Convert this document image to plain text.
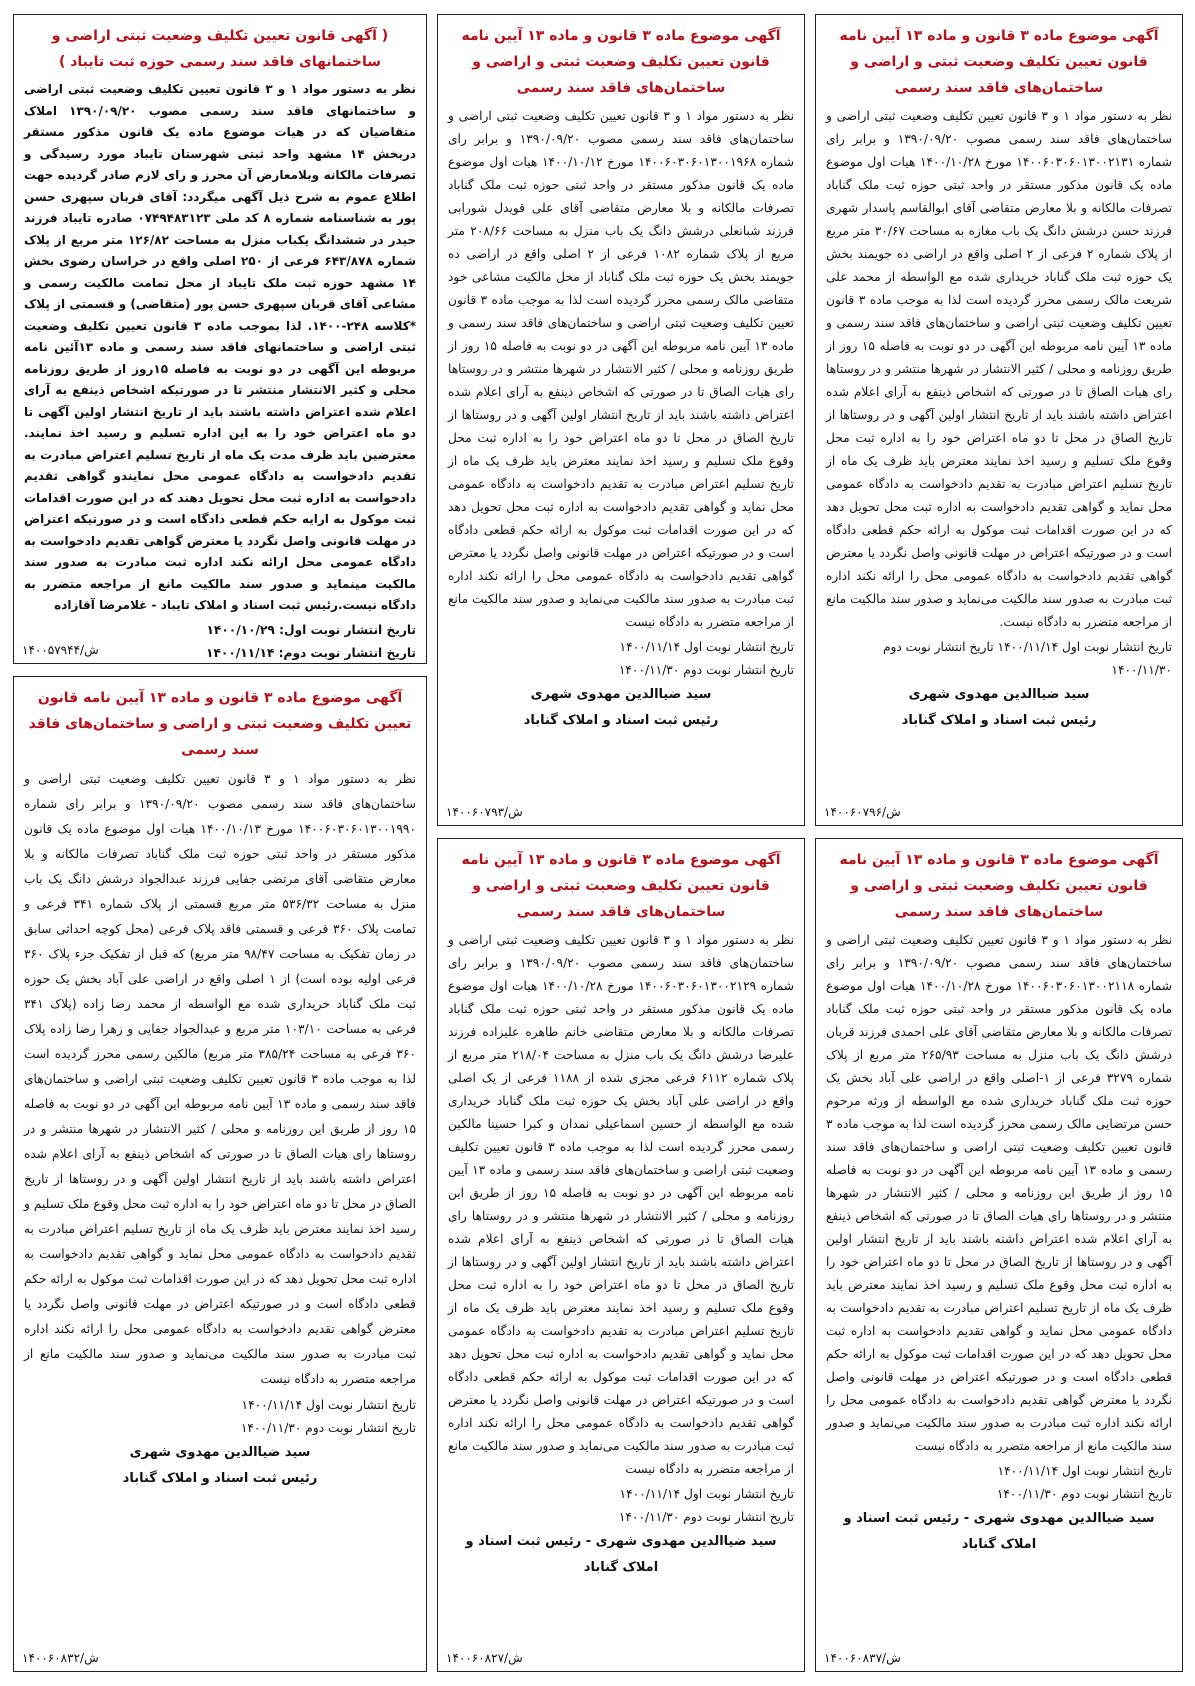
آگهی موضوع ماده ۳ قانون و ماده ۱۳ آیین نامه قانون تعیین تکلیف وضعیت ثبتی و اراضی و ساختمان‌های فاقد سند رسمی
نظر به دستور مواد ۱ و ۳ قانون تعیین تکلیف وضعیت ثبتی اراضی و ساختمان‌های فاقد سند رسمی مصوب ۱۳۹۰/۰۹/۲۰ و برابر رای شماره ۱۴۰۰۶۰۳۰۶۰۱۳۰۰۲۱۳۱ مورخ ۱۴۰۰/۱۰/۲۸ هیات اول موضوع ماده یک قانون مذکور مستقر در واحد ثبتی حوزه ثبت ملک گناباد تصرفات مالکانه و بلا معارض متقاضی آقای ابوالقاسم پاسدار شهری فرزند حسن درشش دانگ یک باب مغازه به مساحت ۳۰/۶۷ متر مربع از پلاک شماره ۲ فرعی از ۲ اصلی واقع در اراضی ده جویمند بخش یک حوزه ثبت ملک گناباد خریداری شده مع الواسطه از محمد علی شریعت مالک رسمی محرز گردیده است لذا به موجب ماده ۳ قانون تعیین تکلیف وضعیت ثبتی اراضی و ساختمان‌های فاقد سند رسمی و ماده ۱۳ آیین نامه مربوطه این آگهی در دو نوبت به فاصله ۱۵ روز از طریق روزنامه و محلی / کثیر الانتشار در شهرها منتشر و در روستاها رای هیات الصاق تا در صورتی که اشخاص ذینفع به آرای اعلام شده اعتراض داشته باشند باید از تاریخ انتشار اولین آگهی و در روستاها از تاریخ الصاق در محل تا دو ماه اعتراض خود را به اداره ثبت محل وقوع ملک تسلیم و رسید اخذ نمایند معترض باید ظرف یک ماه از تاریخ تسلیم اعتراض مبادرت به تقدیم دادخواست به دادگاه عمومی محل نماید و گواهی تقدیم دادخواست به اداره ثبت محل تحویل دهد که در این صورت اقدامات ثبت موکول به ارائه حکم قطعی دادگاه است و در صورتیکه اعتراض در مهلت قانونی واصل نگردد یا معترض گواهی تقدیم دادخواست به دادگاه عمومی محل را ارائه نکند اداره ثبت مبادرت به صدور سند مالکیت می‌نماید و صدور سند مالکیت مانع از مراجعه متضرر به دادگاه نیست.
تاریخ انتشار نوبت اول ۱۴۰۰/۱۱/۱۴ تاریخ انتشار نوبت دوم ۱۴۰۰/۱۱/۳۰
سید ضیاالدین مهدوی شهری
رئیس ثبت اسناد و املاک گناباد
۱۴۰۰۶۰۷۹۶/ش
آگهی موضوع ماده ۳ قانون و ماده ۱۳ آیین نامه قانون تعیین تکلیف وضعیت ثبتی و اراضی و ساختمان‌های فاقد سند رسمی
نظر به دستور مواد ۱ و ۳ قانون تعیین تکلیف وضعیت ثبتی اراضی و ساختمان‌های فاقد سند رسمی مصوب ۱۳۹۰/۰۹/۲۰ و برابر رای شماره ۱۴۰۰۶۰۳۰۶۰۱۳۰۰۱۹۶۸ مورخ ۱۴۰۰/۱۰/۱۲ هیات اول موضوع ماده یک قانون مذکور مستقر در واحد ثبتی حوزه ثبت ملک گناباد تصرفات مالکانه و بلا معارض متقاضی آقای علی قویدل شورابی فرزند شبانعلی درشش دانگ یک باب منزل به مساحت ۲۰۸/۶۶ متر مربع از پلاک شماره ۱۰۸۲ فرعی از ۲ اصلی واقع در اراضی ده جویمند بخش یک حوزه ثبت ملک گناباد از محل مالکیت مشاعی خود متقاضی مالک رسمی محرز گردیده است لذا به موجب ماده ۳ قانون تعیین تکلیف وضعیت ثبتی اراضی و ساختمان‌های فاقد سند رسمی و ماده ۱۳ آیین نامه مربوطه این آگهی در دو نوبت به فاصله ۱۵ روز از طریق روزنامه و محلی / کثیر الانتشار در شهرها منتشر و در روستاها رای هیات الصاق تا در صورتی که اشخاص ذینفع به آرای اعلام شده اعتراض داشته باشند باید از تاریخ انتشار اولین آگهی و در روستاها از تاریخ الصاق در محل تا دو ماه اعتراض خود را به اداره ثبت محل وقوع ملک تسلیم و رسید اخذ نمایند معترض باید ظرف یک ماه از تاریخ تسلیم اعتراض مبادرت به تقدیم دادخواست به دادگاه عمومی محل نماید و گواهی تقدیم دادخواست به اداره ثبت محل تحویل دهد که در این صورت اقدامات ثبت موکول به ارائه حکم قطعی دادگاه است و در صورتیکه اعتراض در مهلت قانونی واصل نگردد یا معترض گواهی تقدیم دادخواست به دادگاه عمومی محل را ارائه نکند اداره ثبت مبادرت به صدور سند مالکیت می‌نماید و صدور سند مالکیت مانع از مراجعه متضرر به دادگاه نیست
تاریخ انتشار نوبت اول ۱۴۰۰/۱۱/۱۴
تاریخ انتشار نوبت دوم ۱۴۰۰/۱۱/۳۰
سید ضیاالدین مهدوی شهری
رئیس ثبت اسناد و املاک گناباد
۱۴۰۰۶۰۷۹۳/ش
( آگهی قانون تعیین تکلیف وضعیت ثبتی اراضی و ساختمانهای فاقد سند رسمی حوزه ثبت تایباد )
نظر به دستور مواد ۱ و ۳ قانون تعیین تکلیف وضعیت ثبتی اراضی و ساختمانهای فاقد سند رسمی مصوب ۱۳۹۰/۰۹/۲۰ املاک متقاضیان که در هیات موضوع ماده یک قانون مذکور مستقر دربخش ۱۴ مشهد واحد ثبتی شهرستان تایباد مورد رسیدگی و تصرفات مالکانه وبلامعارض آن محرز و رای لازم صادر گردیده جهت اطلاع عموم به شرح ذیل آگهی میگردد: آقای قربان سپهری حسن پور به شناسنامه شماره ۸ کد ملی ۰۷۴۹۴۸۳۱۲۳ صادره تایباد فرزند حیدر در ششدانگ یکباب منزل به مساحت ۱۲۶/۸۲ متر مربع از پلاک شماره ۶۴۳/۸۷۸ فرعی از ۲۵۰ اصلی واقع در خراسان رضوی بخش ۱۴ مشهد حوزه ثبت ملک تایباد از محل تمامت مالکیت رسمی و مشاعی آقای قربان سپهری حسن پور (متقاضی) و قسمتی از پلاک *کلاسه ۲۴۸-۱۴۰۰. لذا بموجب ماده ۳ قانون تعیین تکلیف وضعیت ثبتی اراضی و ساختمانهای فاقد سند رسمی و ماده ۱۳آئین نامه مربوطه این آگهی در دو نوبت به فاصله ۱۵روز از طریق روزنامه محلی و کثیر الانتشار منتشر تا در صورتیکه اشخاص ذینفع به آرای اعلام شده اعتراض داشته باشند باید از تاریخ انتشار اولین آگهی تا دو ماه اعتراض خود را به این اداره تسلیم و رسید اخذ نمایند. معترضین باید ظرف مدت یک ماه از تاریخ تسلیم اعتراض مبادرت به تقدیم دادخواست به دادگاه عمومی محل نمایندو گواهی تقدیم دادخواست به اداره ثبت محل تحویل دهند که در این صورت اقدامات ثبت موکول به ارایه حکم قطعی دادگاه است و در صورتیکه اعتراض در مهلت قانونی واصل نگردد یا معترض گواهی تقدیم دادخواست به دادگاه عمومی محل ارائه نکند اداره ثبت مبادرت به صدور سند مالکیت مینماید و صدور سند مالکیت مانع از مراجعه متضرر به دادگاه نیست.رئیس ثبت اسناد و املاک تایباد - غلامرضا آقازاده
تاریخ انتشار نوبت اول: ۱۴۰۰/۱۰/۲۹
تاریخ انتشار نوبت دوم: ۱۴۰۰/۱۱/۱۴
۱۴۰۰۵۷۹۴۴/ش
آگهی موضوع ماده ۳ قانون و ماده ۱۳ آیین نامه قانون تعیین تکلیف وضعیت ثبتی و اراضی و ساختمان‌های فاقد سند رسمی
نظر به دستور مواد ۱ و ۳ قانون تعیین تکلیف وضعیت ثبتی اراضی و ساختمان‌های فاقد سند رسمی مصوب ۱۳۹۰/۰۹/۲۰ و برابر رای شماره ۱۴۰۰۶۰۳۰۶۰۱۳۰۰۱۹۹۰ مورخ ۱۴۰۰/۱۰/۱۳ هیات اول موضوع ماده یک قانون مذکور مستقر در واحد ثبتی حوزه ثبت ملک گناباد تصرفات مالکانه و بلا معارض متقاضی آقای مرتضی جفایی فرزند عبدالجواد درشش دانگ یک باب منزل به مساحت ۵۳۶/۳۲ متر مربع قسمتی از پلاک شماره ۳۴۱ فرعی و تمامت پلاک ۳۶۰ فرعی و قسمتی فاقد پلاک فرعی (محل کوچه احداثی سابق در زمان تفکیک به مساحت ۹۸/۴۷ متر مربع) که قبل از تفکیک جزء پلاک ۳۶۰ فرعی اولیه بوده است) از ۱ اصلی واقع در اراضی علی آباد بخش یک حوزه ثبت ملک گناباد خریداری شده مع الواسطه از محمد رضا زاده (پلاک ۳۴۱ فرعی به مساحت ۱۰۳/۱۰ متر مربع و عبدالجواد جفایی و زهرا رضا زاده پلاک ۳۶۰ فرعی به مساحت ۳۸۵/۲۴ متر مربع) مالکین رسمی محرز گردیده است لذا به موجب ماده ۳ قانون تعیین تکلیف وضعیت ثبتی اراضی و ساختمان‌های فاقد سند رسمی و ماده ۱۳ آیین نامه مربوطه این آگهی در دو نوبت به فاصله ۱۵ روز از طریق این روزنامه و محلی / کثیر الانتشار در شهرها منتشر و در روستاها رای هیات الصاق تا در صورتی که اشخاص ذینفع به آرای اعلام شده اعتراض داشته باشند باید از تاریخ انتشار اولین آگهی و در روستاها از تاریخ الصاق در محل تا دو ماه اعتراض خود را به اداره ثبت محل وقوع ملک تسلیم و رسید اخذ نمایند معترض باید ظرف یک ماه از تاریخ تسلیم اعتراض مبادرت به تقدیم دادخواست به دادگاه عمومی محل نماید و گواهی تقدیم دادخواست به اداره ثبت محل تحویل دهد که در این صورت اقدامات ثبت موکول به ارائه حکم قطعی دادگاه است و در صورتیکه اعتراض در مهلت قانونی واصل نگردد یا معترض گواهی تقدیم دادخواست به دادگاه عمومی محل را ارائه نکند اداره ثبت مبادرت به صدور سند مالکیت می‌نماید و صدور سند مالکیت مانع از مراجعه متضرر به دادگاه نیست
تاریخ انتشار نوبت اول ۱۴۰۰/۱۱/۱۴
تاریخ انتشار نوبت دوم ۱۴۰۰/۱۱/۳۰
سید ضیاالدین مهدوی شهری
رئیس ثبت اسناد و املاک گناباد
۱۴۰۰۶۰۸۳۲/ش
آگهی موضوع ماده ۳ قانون و ماده ۱۳ آیین نامه قانون تعیین تکلیف وضعیت ثبتی و اراضی و ساختمان‌های فاقد سند رسمی
نظر به دستور مواد ۱ و ۳ قانون تعیین تکلیف وضعیت ثبتی اراضی و ساختمان‌های فاقد سند رسمی مصوب ۱۳۹۰/۰۹/۲۰ و برابر رای شماره ۱۴۰۰۶۰۳۰۶۰۱۳۰۰۲۱۲۹ مورخ ۱۴۰۰/۱۰/۲۸ هیات اول موضوع ماده یک قانون مذکور مستقر در واحد ثبتی حوزه ثبت ملک گناباد تصرفات مالکانه و بلا معارض متقاضی خانم طاهره علیزاده فرزند علیرضا درشش دانگ یک باب منزل به مساحت ۲۱۸/۰۴ متر مربع از پلاک شماره ۶۱۱۲ فرعی مجزی شده از ۱۱۸۸ فرعی از یک اصلی واقع در اراضی علی آباد بخش یک حوزه ثبت ملک گناباد خریداری شده مع الواسطه از حسین اسماعیلی نمدان و کبرا حسینا مالکین رسمی محرز گردیده است لذا به موجب ماده ۳ قانون تعیین تکلیف وضعیت ثبتی اراضی و ساختمان‌های فاقد سند رسمی و ماده ۱۳ آیین نامه مربوطه این آگهی در دو نوبت به فاصله ۱۵ روز از طریق این روزنامه و محلی / کثیر الانتشار در شهرها منتشر و در روستاها رای هیات الصاق تا در صورتی که اشخاص ذینفع به آرای اعلام شده اعتراض داشته باشند باید از تاریخ انتشار اولین آگهی و در روستاها از تاریخ الصاق در محل تا دو ماه اعتراض خود را به اداره ثبت محل وقوع ملک تسلیم و رسید اخذ نمایند معترض باید ظرف یک ماه از تاریخ تسلیم اعتراض مبادرت به تقدیم دادخواست به دادگاه عمومی محل نماید و گواهی تقدیم دادخواست به اداره ثبت محل تحویل دهد که در این صورت اقدامات ثبت موکول به ارائه حکم قطعی دادگاه است و در صورتیکه اعتراض در مهلت قانونی واصل نگردد یا معترض گواهی تقدیم دادخواست به دادگاه عمومی محل را ارائه نکند اداره ثبت مبادرت به صدور سند مالکیت می‌نماید و صدور سند مالکیت مانع از مراجعه متضرر به دادگاه نیست
تاریخ انتشار نوبت اول ۱۴۰۰/۱۱/۱۴
تاریخ انتشار نوبت دوم ۱۴۰۰/۱۱/۳۰
سید ضیاالدین مهدوی شهری - رئیس ثبت اسناد و املاک گناباد
۱۴۰۰۶۰۸۲۷/ش
آگهی موضوع ماده ۳ قانون و ماده ۱۳ آیین نامه قانون تعیین تکلیف وضعیت ثبتی و اراضی و ساختمان‌های فاقد سند رسمی
نظر به دستور مواد ۱ و ۳ قانون تعیین تکلیف وضعیت ثبتی اراضی و ساختمان‌های فاقد سند رسمی مصوب ۱۳۹۰/۰۹/۲۰ و برابر رای شماره ۱۴۰۰۶۰۳۰۶۰۱۳۰۰۲۱۱۸ مورخ ۱۴۰۰/۱۰/۲۸ هیات اول موضوع ماده یک قانون مذکور مستقر در واحد ثبتی حوزه ثبت ملک گناباد تصرفات مالکانه و بلا معارض متقاضی آقای علی احمدی فرزند قربان درشش دانگ یک باب منزل به مساحت ۲۶۵/۹۳ متر مربع از پلاک شماره ۳۲۷۹ فرعی از ۱-اصلی واقع در اراضی علی آباد بخش یک حوزه ثبت ملک گناباد خریداری شده مع الواسطه از ورثه مرحوم حسن مرتضایی مالک رسمی محرز گردیده است لذا به موجب ماده ۳ قانون تعیین تکلیف وضعیت ثبتی اراضی و ساختمان‌های فاقد سند رسمی و ماده ۱۳ آیین نامه مربوطه این آگهی در دو نوبت به فاصله ۱۵ روز از طریق این روزنامه و محلی / کثیر الانتشار در شهرها منتشر و در روستاها رای هیات الصاق تا در صورتی که اشخاص ذینفع به آرای اعلام شده اعتراض داشته باشند باید از تاریخ انتشار اولین آگهی و در روستاها از تاریخ الصاق در محل تا دو ماه اعتراض خود را به اداره ثبت محل وقوع ملک تسلیم و رسید اخذ نمایند معترض باید ظرف یک ماه از تاریخ تسلیم اعتراض مبادرت به تقدیم دادخواست به دادگاه عمومی محل نماید و گواهی تقدیم دادخواست به اداره ثبت محل تحویل دهد که در این صورت اقدامات ثبت موکول به ارائه حکم قطعی دادگاه است و در صورتیکه اعتراض در مهلت قانونی واصل نگردد یا معترض گواهی تقدیم دادخواست به دادگاه عمومی محل را ارائه نکند اداره ثبت مبادرت به صدور سند مالکیت می‌نماید و صدور سند مالکیت مانع از مراجعه متضرر به دادگاه نیست
تاریخ انتشار نوبت اول ۱۴۰۰/۱۱/۱۴
تاریخ انتشار نوبت دوم ۱۴۰۰/۱۱/۳۰
سید ضیاالدین مهدوی شهری - رئیس ثبت اسناد و املاک گناباد
۱۴۰۰۶۰۸۳۷/ش
